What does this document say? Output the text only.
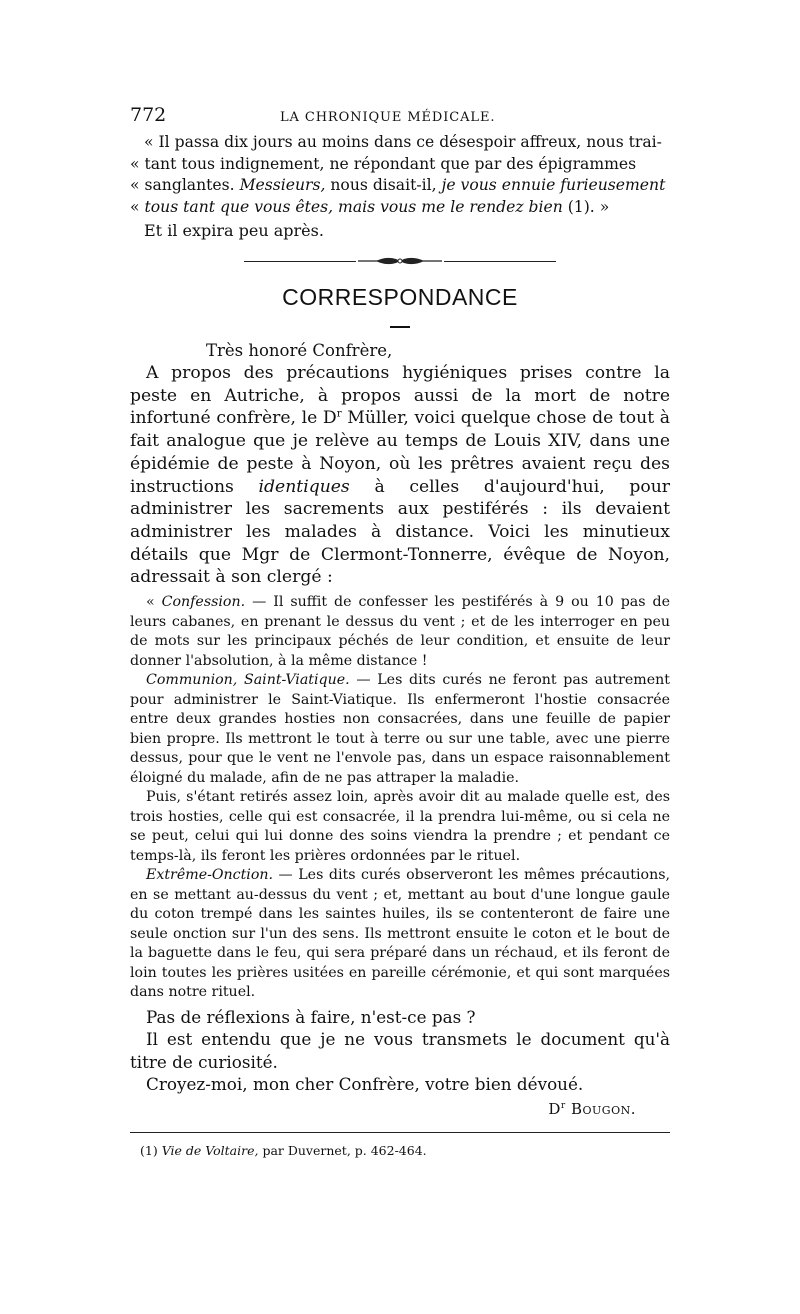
772	LA CHRONIQUE MÉDICALE.

« Il passa dix jours au moins dans ce désespoir affreux, nous trai-

« tant tous indignement, ne répondant que par des épigrammes

« sanglantes. Messieurs, nous disait-il, je vous ennuie furieusement

« tous tant que vous êtes, mais vous me le rendez bien (1). »

Et il expira peu après.

CORRESPONDANCE

Très honoré Confrère,

A propos des précautions hygiéniques prises contre la peste en Autriche, à propos aussi de la mort de notre infortuné confrère, le $D^r$ Müller, voici quelque chose de tout à fait analogue que je relève au temps de Louis XIV, dans une épidémie de peste à Noyon, où les prêtres avaient reçu des instructions identiques à celles d'aujourd'hui, pour administrer les sacrements aux pestiférés : ils devaient administrer les malades à distance. Voici les minutieux détails que Mgr de Clermont-Tonnerre, évêque de Noyon, adressait à son clergé :

« Confession. — Il suffit de confesser les pestiférés à 9 ou 10 pas de leurs cabanes, en prenant le dessus du vent ; et de les interroger en peu de mots sur les principaux péchés de leur condition, et ensuite de leur donner l'absolution, à la même distance !

Communion, Saint-Viatique. — Les dits curés ne feront pas autrement pour administrer le Saint-Viatique. Ils enfermeront l'hostie consacrée entre deux grandes hosties non consacrées, dans une feuille de papier bien propre. Ils mettront le tout à terre ou sur une table, avec une pierre dessus, pour que le vent ne l'envole pas, dans un espace raisonnablement éloigné du malade, afin de ne pas attraper la maladie.

Puis, s'étant retirés assez loin, après avoir dit au malade quelle est, des trois hosties, celle qui est consacrée, il la prendra lui-même, ou si cela ne se peut, celui qui lui donne des soins viendra la prendre ; et pendant ce temps-là, ils feront les prières ordonnées par le rituel.

Extrême-Onction. — Les dits curés observeront les mêmes précautions, en se mettant au-dessus du vent ; et, mettant au bout d'une longue gaule du coton trempé dans les saintes huiles, ils se contenteront de faire une seule onction sur l'un des sens. Ils mettront ensuite le coton et le bout de la baguette dans le feu, qui sera préparé dans un réchaud, et ils feront de loin toutes les prières usitées en pareille cérémonie, et qui sont marquées dans notre rituel.

Pas de réflexions à faire, n'est-ce pas ?

Il est entendu que je ne vous transmets le document qu'à titre de curiosité.

Croyez-moi, mon cher Confrère, votre bien dévoué.

$D^r$ Bougon.
(1) Vie de Voltaire, par Duvernet, p. 462-464.
